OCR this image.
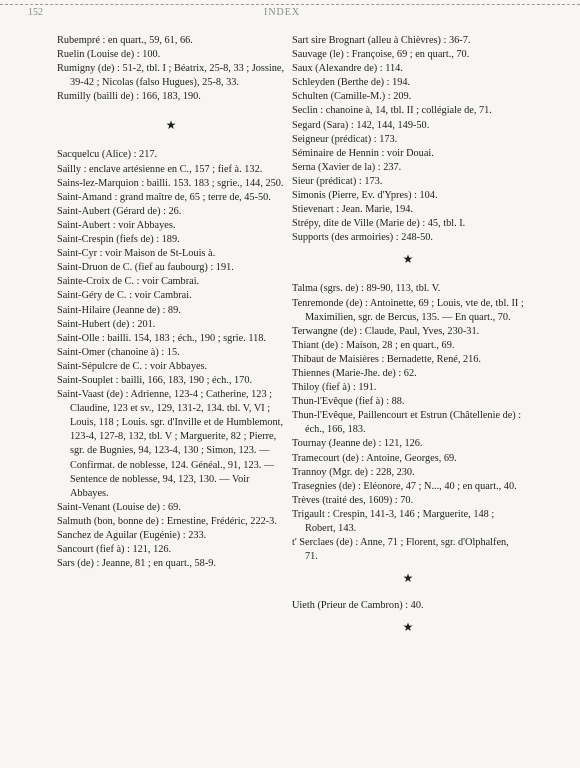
152	INDEX

Rubempré : en quart., 59, 61, 66.

Ruelin (Louise de) : 100.

Rumigny (de) : 51-2, tbl. I ; Béatrix, 25-8, 33 ; Jossine, 39-42 ; Nicolas (falso Hugues), 25-8, 33.

Rumilly (bailli de) : 166, 183, 190.

★

Sacquelcu (Alice) : 217.

Sailly : enclave artésienne en C., 157 ; fief à. 132.

Sains-lez-Marquion : bailli. 153. 183 ; sgrie., 144, 250.

Saint-Amand : grand maître de, 65 ; terre de, 45-50.

Saint-Aubert (Gérard de) : 26.

Saint-Aubert : voir Abbayes.

Saint-Crespin (fiefs de) : 189.

Saint-Cyr : voir Maison de St-Louis à.

Saint-Druon de C. (fief au faubourg) : 191.

Sainte-Croix de C. : voir Cambrai.

Saint-Géry de C. : voir Cambrai.

Saint-Hilaire (Jeanne de) : 89.

Saint-Hubert (de) : 201.

Saint-Olle : bailli. 154, 183 ; éch., 190 ; sgrie. 118.

Saint-Omer (chanoine à) : 15.

Saint-Sépulcre de C. : voir Abbayes.

Saint-Souplet : bailli, 166, 183, 190 ; éch., 170.

Saint-Vaast (de) : Adrienne, 123-4 ; Catherine, 123 ; Claudine, 123 et sv., 129, 131-2, 134. tbl. V, VI ; Louis, 118 ; Louis. sgr. d'Inville et de Humblemont, 123-4, 127-8, 132, tbl. V ; Marguerite, 82 ; Pierre, sgr. de Bugnies, 94, 123-4, 130 ; Simon, 123. — Confirmat. de noblesse, 124. Généal., 91, 123. — Sentence de noblesse, 94, 123, 130. — Voir Abbayes.

Saint-Venant (Louise de) : 69.

Salmuth (bon, bonne de) : Ernestine, Frédéric, 222-3.

Sanchez de Aguilar (Eugénie) : 233.

Sancourt (fief à) : 121, 126.

Sars (de) : Jeanne, 81 ; en quart., 58-9.

Sart sire Brognart (alleu à Chièvres) : 36-7.

Sauvage (le) : Françoise, 69 ; en quart., 70.

Saux (Alexandre de) : 114.

Schleyden (Berthe de) : 194.

Schulten (Camille-M.) : 209.

Seclin : chanoine à, 14, tbl. II ; collégiale de, 71.

Segard (Sara) : 142, 144, 149-50.

Seigneur (prédicat) : 173.

Séminaire de Hennin : voir Douai.

Serna (Xavier de la) : 237.

Sieur (prédicat) : 173.

Simonis (Pierre, Ev. d'Ypres) : 104.

Stievenart : Jean. Marie, 194.

Strépy, dite de Ville (Marie de) : 45, tbl. I.

Supports (des armoiries) : 248-50.

★

Talma (sgrs. de) : 89-90, 113, tbl. V.

Tenremonde (de) : Antoinette, 69 ; Louis, vte de, tbl. II ; Maximilien, sgr. de Bercus, 135. — En quart., 70.

Terwangne (de) : Claude, Paul, Yves, 230-31.

Thiant (de) : Maison, 28 ; en quart., 69.

Thibaut de Maisières : Bernadette, René, 216.

Thiennes (Marie-Jhe. de) : 62.

Thiloy (fief à) : 191.

Thun-l'Evêque (fief à) : 88.

Thun-l'Evêque, Paillencourt et Estrun (Châtellenie de) : éch., 166, 183.

Tournay (Jeanne de) : 121, 126.

Tramecourt (de) : Antoine, Georges, 69.

Trannoy (Mgr. de) : 228, 230.

Trasegnies (de) : Eléonore, 47 ; N..., 40 ; en quart., 40.

Trèves (traité des, 1609) : 70.

Trigault : Crespin, 141-3, 146 ; Marguerite, 148 ; Robert, 143.

t' Serclaes (de) : Anne, 71 ; Florent, sgr. d'Olphalfen, 71.

★

Uieth (Prieur de Cambron) : 40.

★
